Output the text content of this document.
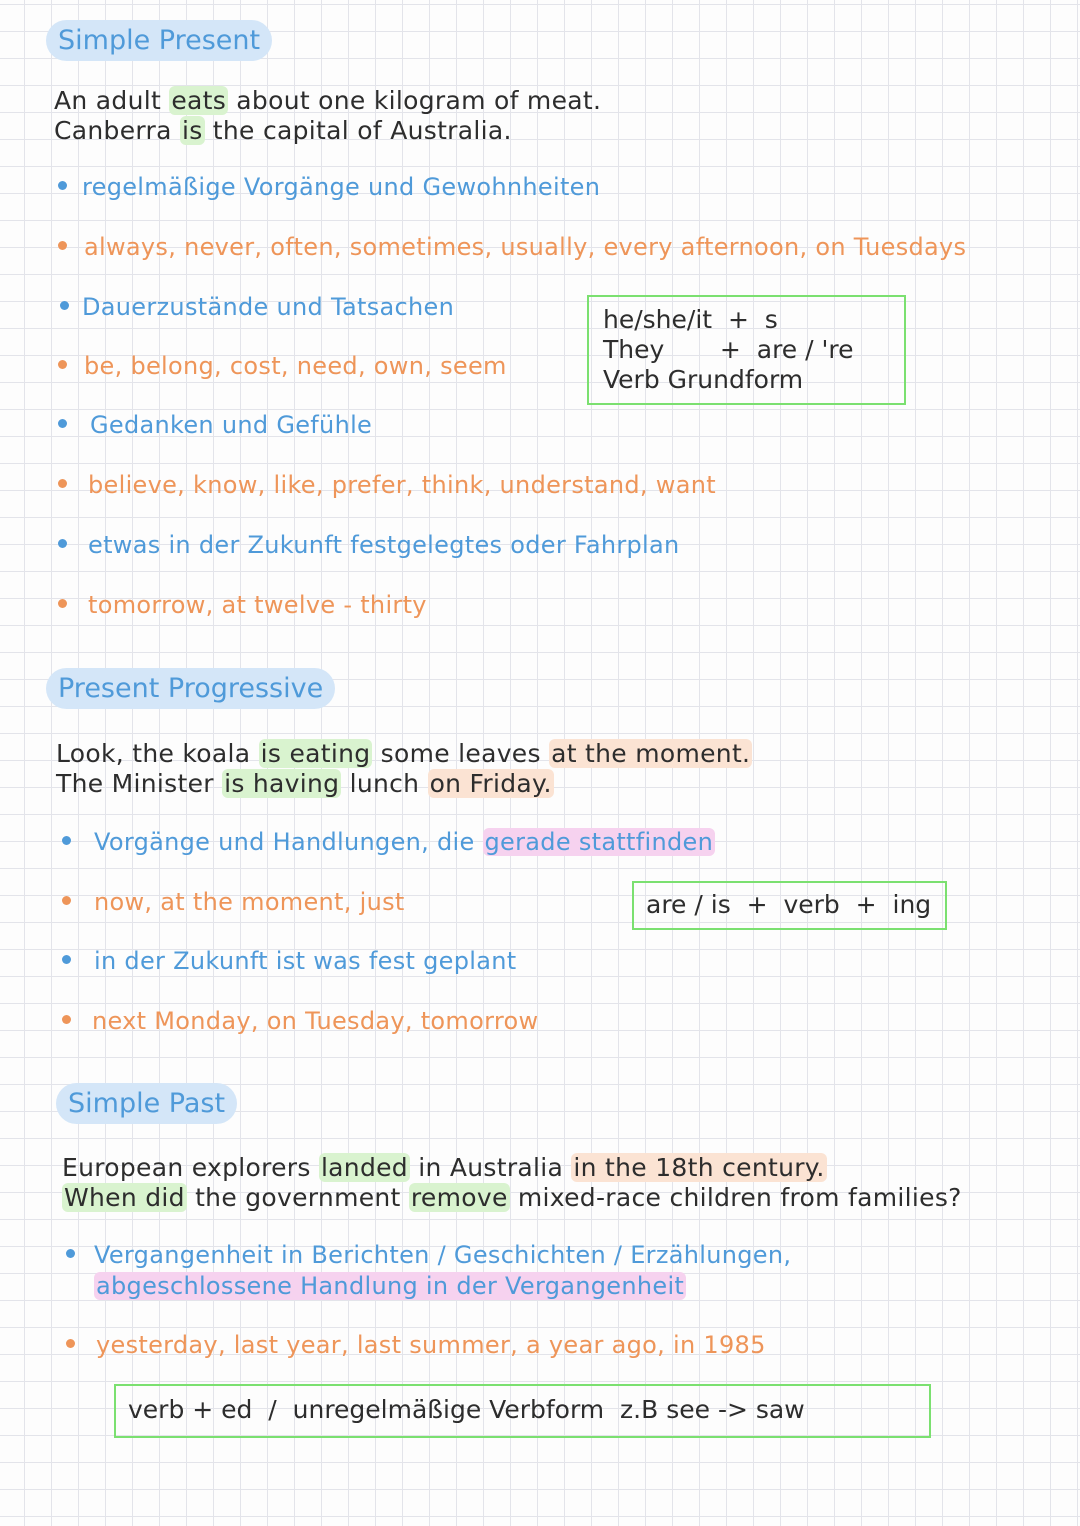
Simple Present
An adult eats about one kilogram of meat.
Canberra is the capital of Australia.
regelmäßige Vorgänge und Gewohnheiten
always, never, often, sometimes, usually, every afternoon, on Tuesdays
Dauerzustände und Tatsachen
be, belong, cost, need, own, seem
Gedanken und Gefühle
believe, know, like, prefer, think, understand, want
etwas in der Zukunft festgelegtes oder Fahrplan
tomorrow, at twelve - thirty
he/she/it  +  s
They       +  are / 're
Verb Grundform
Present Progressive
Look, the koala is eating some leaves at the moment.
The Minister is having lunch on Friday.
Vorgänge und Handlungen, die gerade stattfinden
now, at the moment, just
in der Zukunft ist was fest geplant
next Monday, on Tuesday, tomorrow
are / is  +  verb  +  ing
Simple Past
European explorers landed in Australia in the 18th century.
When did the government remove mixed-race children from families?
Vergangenheit in Berichten / Geschichten / Erzählungen,
abgeschlossene Handlung in der Vergangenheit
yesterday, last year, last summer, a year ago, in 1985
verb + ed  /  unregelmäßige Verbform  z.B see -> saw
